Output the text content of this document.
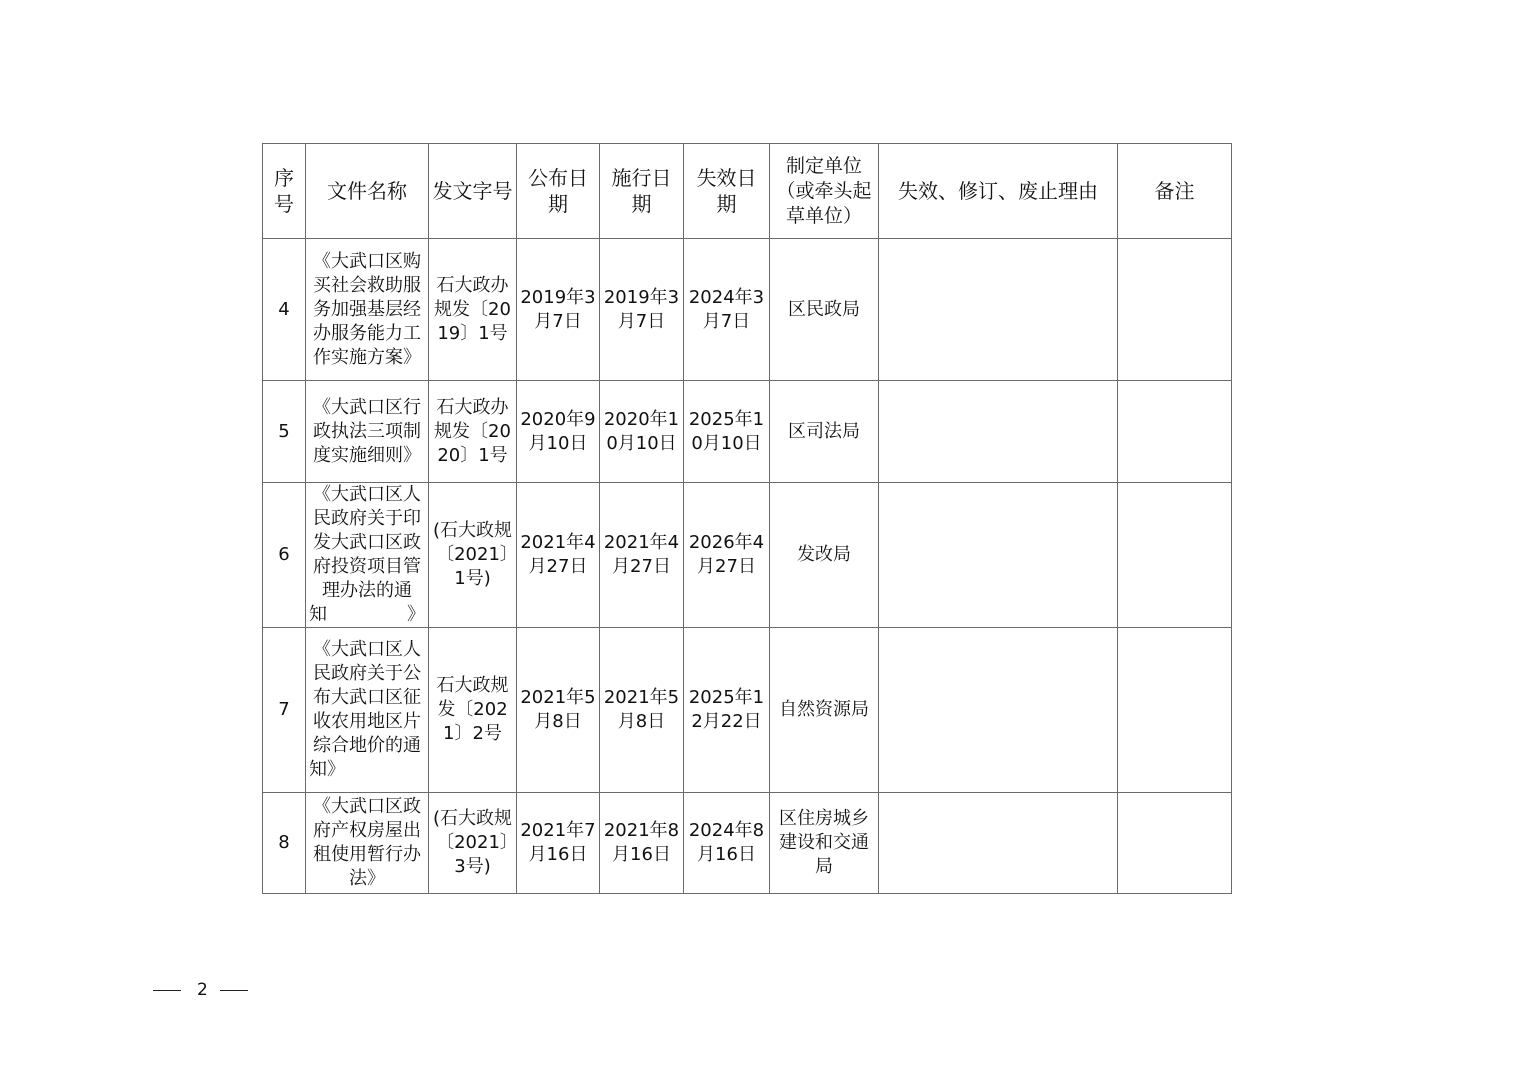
序号	文件名称	发文字号	公布日期	施行日期	失效日期	制定单位（或牵头起草单位）	失效、修订、废止理由	备注
4	《大武口区购买社会救助服务加强基层经办服务能力工作实施方案》	石大政办规发〔2019〕1号	2019年3月7日	2019年3月7日	2024年3月7日	区民政局		
5	《大武口区行政执法三项制度实施细则》	石大政办规发〔2020〕1号	2020年9月10日	2020年10月10日	2025年10月10日	区司法局		
6	《大武口区人民政府关于印发大武口区政府投资项目管理办法的通知》	(石大政规〔2021〕1号)	2021年4月27日	2021年4月27日	2026年4月27日	发改局		
7	《大武口区人民政府关于公布大武口区征收农用地区片综合地价的通知》	石大政规发〔2021〕2号	2021年5月8日	2021年5月8日	2025年12月22日	自然资源局		
8	《大武口区政府产权房屋出租使用暂行办法》	(石大政规〔2021〕3号)	2021年7月16日	2021年8月16日	2024年8月16日	区住房城乡建设和交通局		
2
